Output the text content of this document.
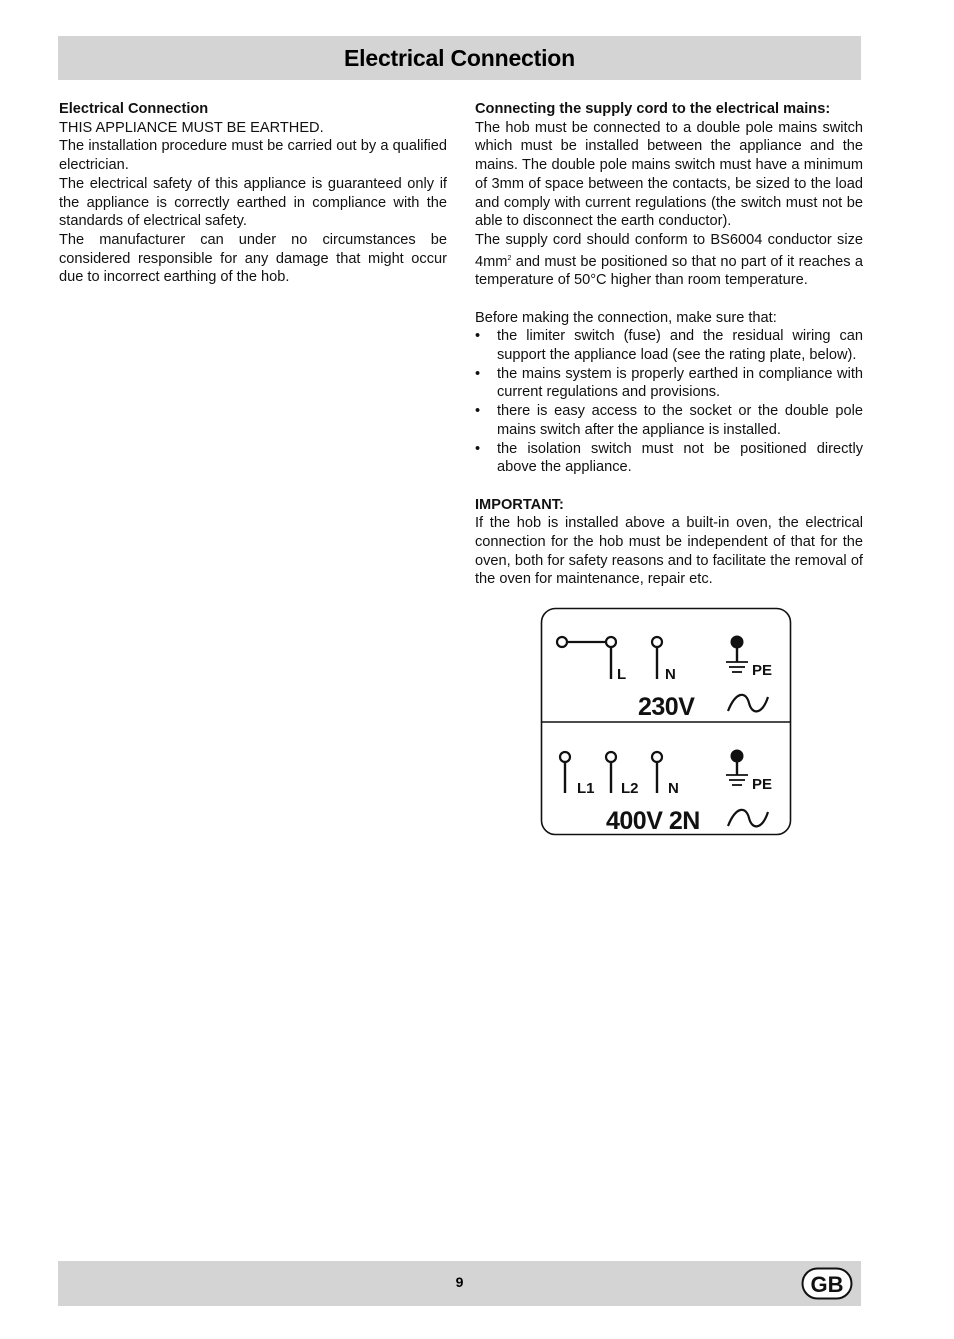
Electrical Connection

Electrical Connection

THIS APPLIANCE MUST BE EARTHED.

The installation procedure must be carried out by a qualified electrician.

The electrical safety of this appliance is guaranteed only if the appliance is correctly earthed in compliance with the standards of electrical safety.

The manufacturer can under no circumstances be considered responsible for any damage that might occur due to incorrect earthing of the hob.

Connecting the supply cord to the electrical mains:

The hob must be connected to a double pole mains switch which must be installed between the appliance and the mains. The double pole mains switch must have a minimum of 3mm of space between the contacts, be sized to the load and comply with current regulations (the switch must not be able to disconnect the earth conductor).

The supply cord should conform to BS6004 conductor size $4mm^2$ and must be positioned so that no part of it reaches a temperature of 50°C higher than room temperature.

Before making the connection, make sure that:

• the limiter switch (fuse) and the residual wiring can support the appliance load (see the rating plate, below).
• the mains system is properly earthed in compliance with current regulations and provisions.
• there is easy access to the socket or the double pole mains switch after the appliance is installed.
• the isolation switch must not be positioned directly above the appliance.

IMPORTANT:

If the hob is installed above a built-in oven, the electrical connection for the hob must be independent of that for the oven, both for safety reasons and to facilitate the removal of the oven for maintenance, repair etc.

L	N	PE
230V
L1 L2 N	PE
400V 2N
9	GB
